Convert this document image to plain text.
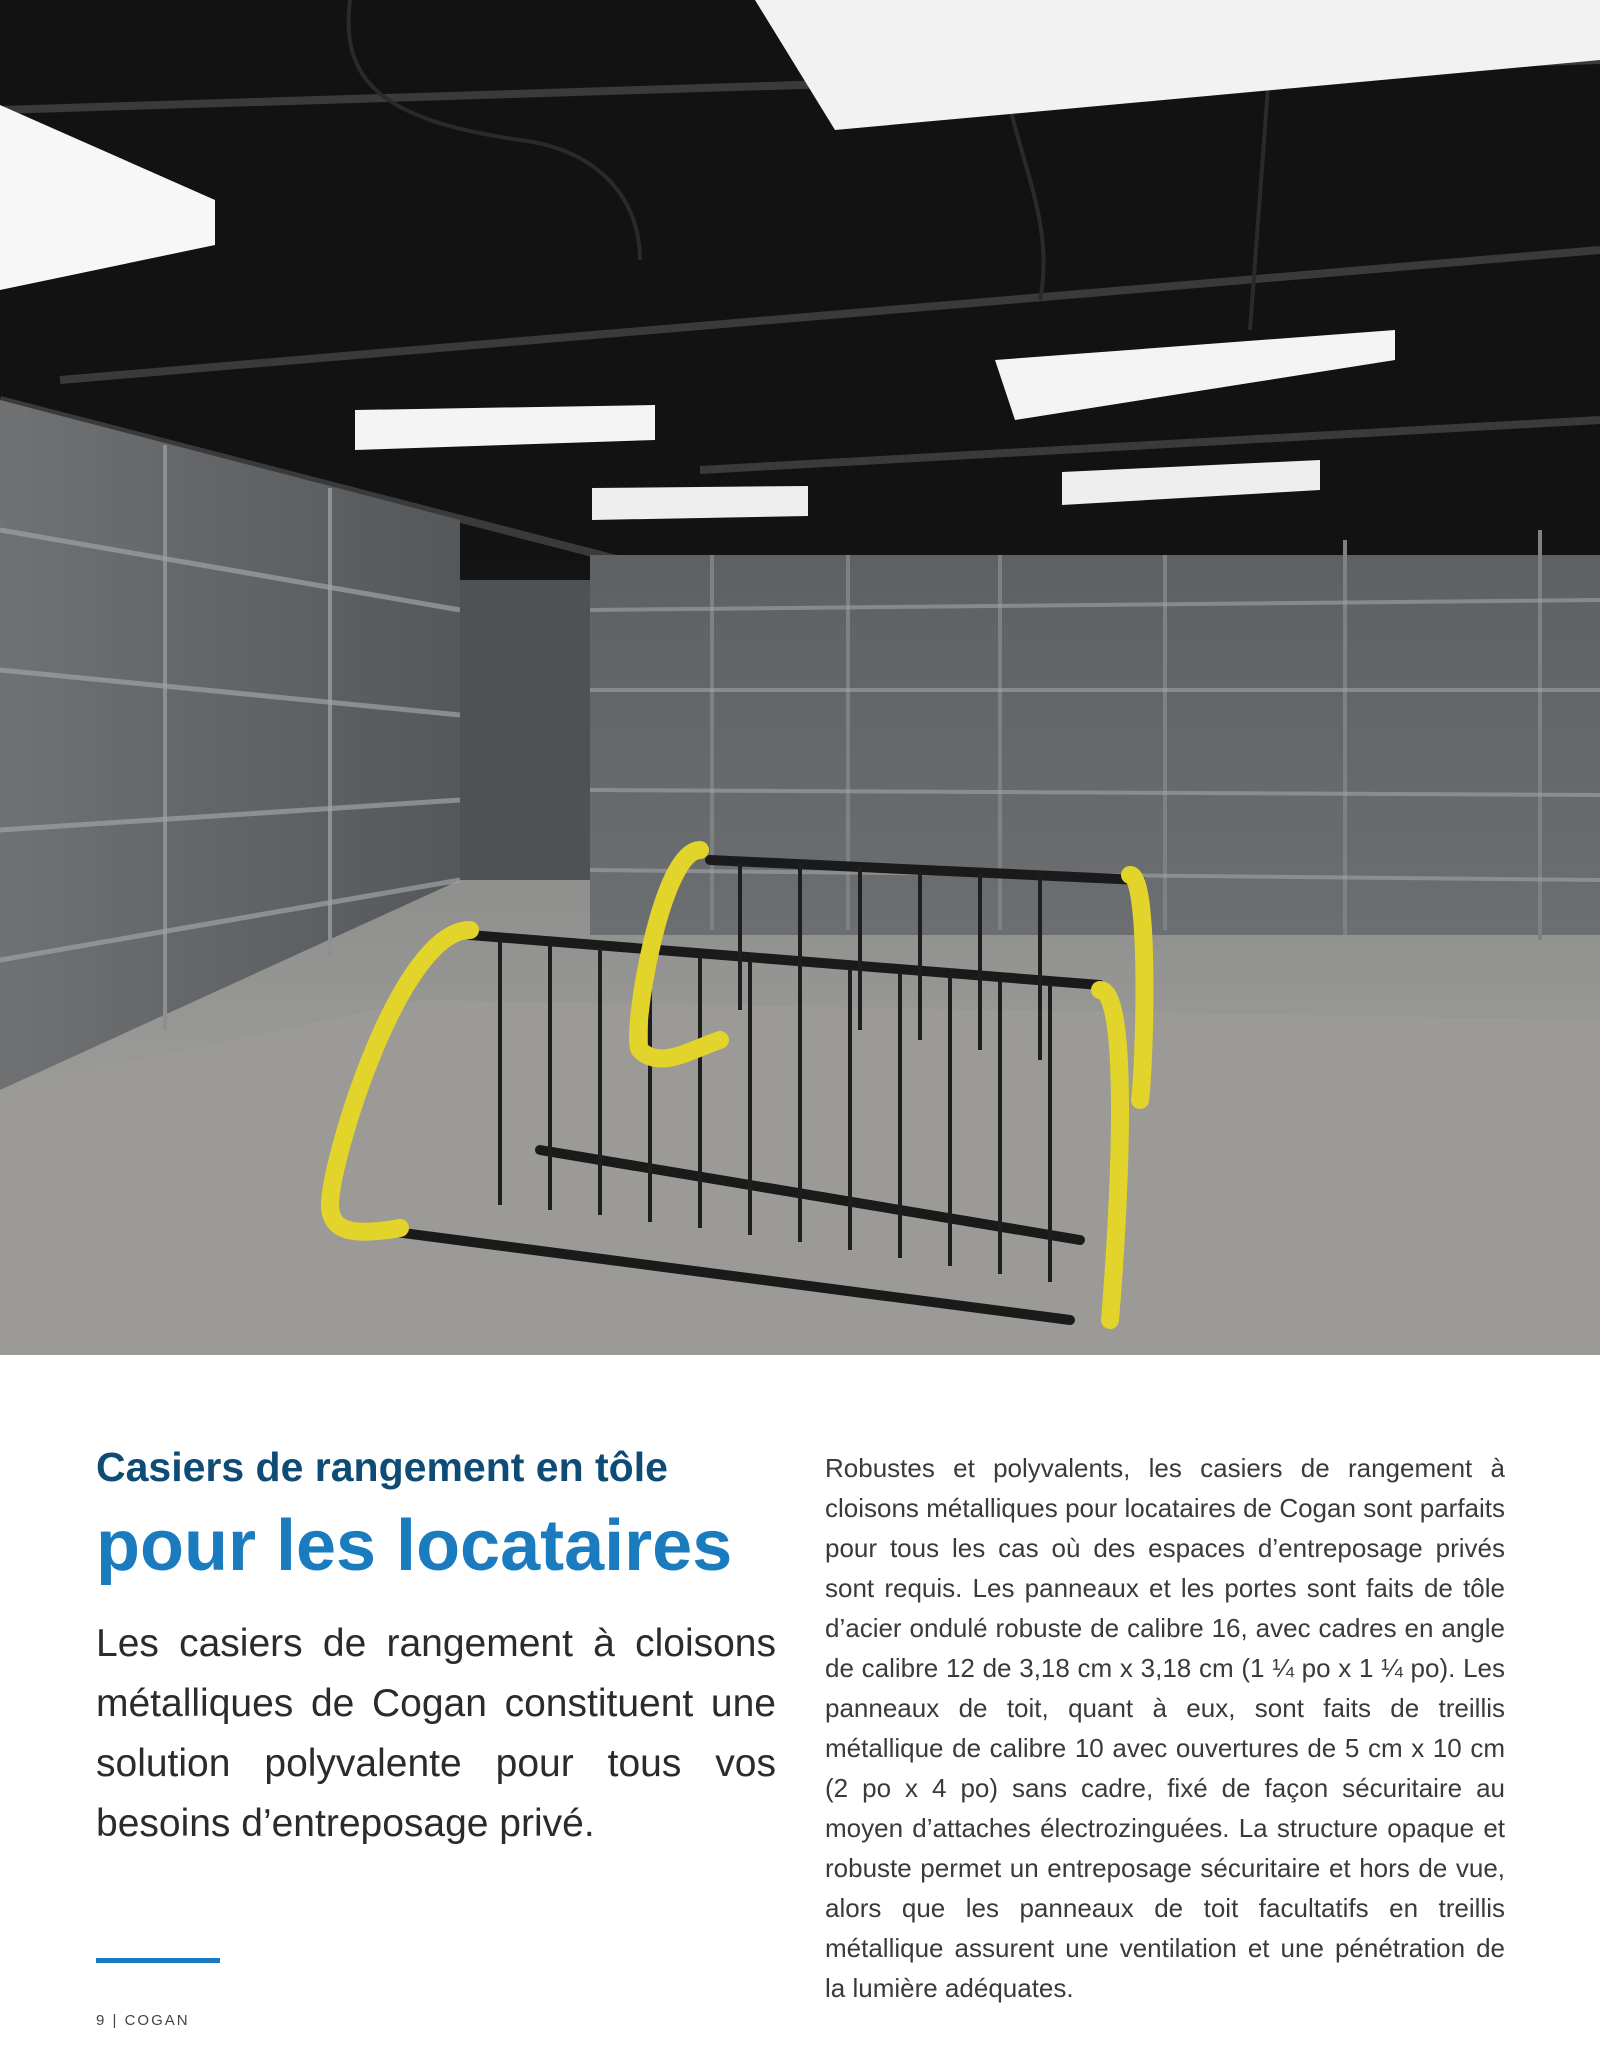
Casiers de rangement en tôle
pour les locataires

Les casiers de rangement à cloisons métalliques de Cogan constituent une solution polyvalente pour tous vos besoins d’entreposage privé.

9 | COGAN

Robustes et polyvalents, les casiers de rangement à cloisons métalliques pour locataires de Cogan sont parfaits pour tous les cas où des espaces d’entreposage privés sont requis. Les panneaux et les portes sont faits de tôle d’acier ondulé robuste de calibre 16, avec cadres en angle de calibre 12 de 3,18 cm x 3,18 cm (1 ¼ po x 1 ¼ po). Les panneaux de toit, quant à eux, sont faits de treillis métallique de calibre 10 avec ouvertures de 5 cm x 10 cm (2 po x 4 po) sans cadre, fixé de façon sécuritaire au moyen d’attaches électrozinguées. La structure opaque et robuste permet un entreposage sécuritaire et hors de vue, alors que les panneaux de toit facultatifs en treillis métallique assurent une ventilation et une pénétration de la lumière adéquates.
